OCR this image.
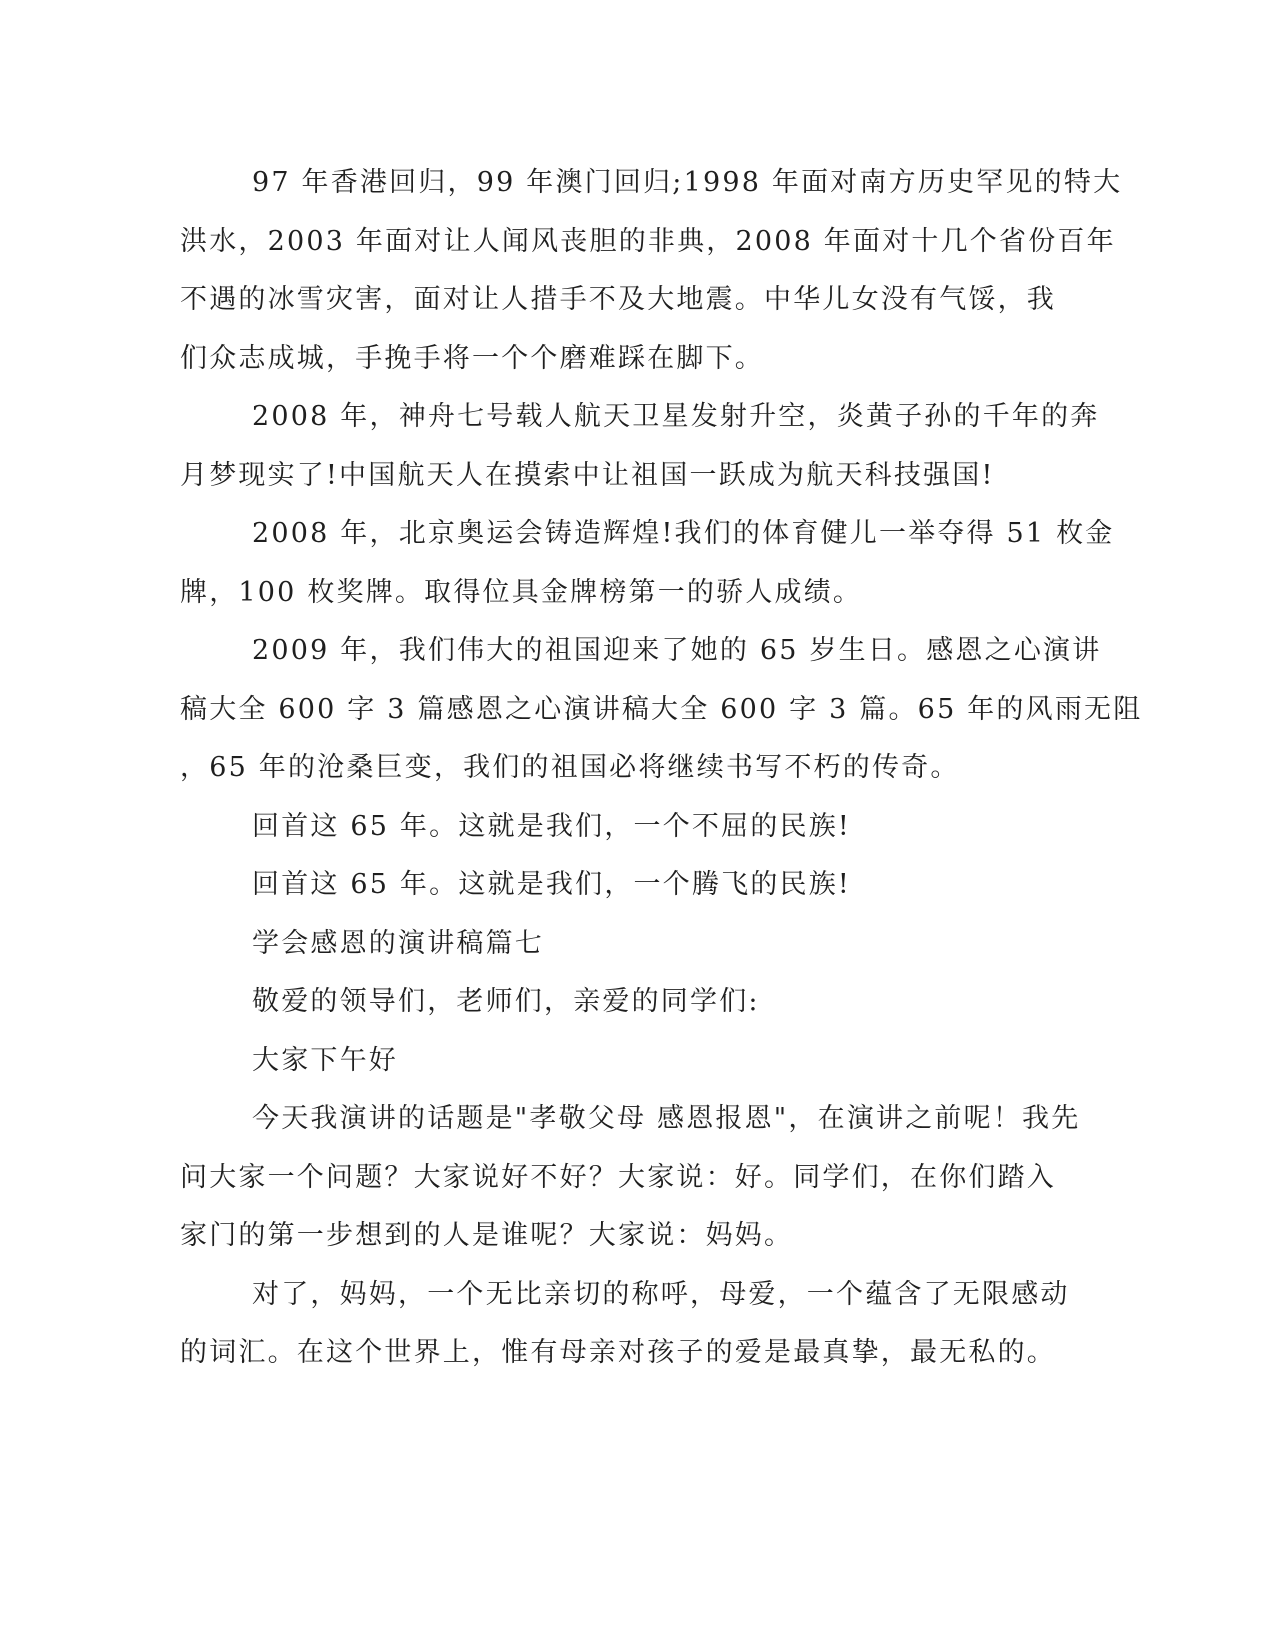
97 年香港回归，99 年澳门回归;1998 年面对南方历史罕见的特大
洪水，2003 年面对让人闻风丧胆的非典，2008 年面对十几个省份百年
不遇的冰雪灾害，面对让人措手不及大地震。中华儿女没有气馁，我
们众志成城，手挽手将一个个磨难踩在脚下。
2008 年，神舟七号载人航天卫星发射升空，炎黄子孙的千年的奔
月梦现实了!中国航天人在摸索中让祖国一跃成为航天科技强国!
2008 年，北京奥运会铸造辉煌!我们的体育健儿一举夺得 51 枚金
牌，100 枚奖牌。取得位具金牌榜第一的骄人成绩。
2009 年，我们伟大的祖国迎来了她的 65 岁生日。感恩之心演讲
稿大全 600 字 3 篇感恩之心演讲稿大全 600 字 3 篇。65 年的风雨无阻
，65 年的沧桑巨变，我们的祖国必将继续书写不朽的传奇。
回首这 65 年。这就是我们，一个不屈的民族!
回首这 65 年。这就是我们，一个腾飞的民族!
学会感恩的演讲稿篇七
敬爱的领导们，老师们，亲爱的同学们:
大家下午好
今天我演讲的话题是"孝敬父母 感恩报恩"，在演讲之前呢！我先
问大家一个问题？大家说好不好？大家说：好。同学们，在你们踏入
家门的第一步想到的人是谁呢？大家说：妈妈。
对了，妈妈，一个无比亲切的称呼，母爱，一个蕴含了无限感动
的词汇。在这个世界上，惟有母亲对孩子的爱是最真挚，最无私的。
